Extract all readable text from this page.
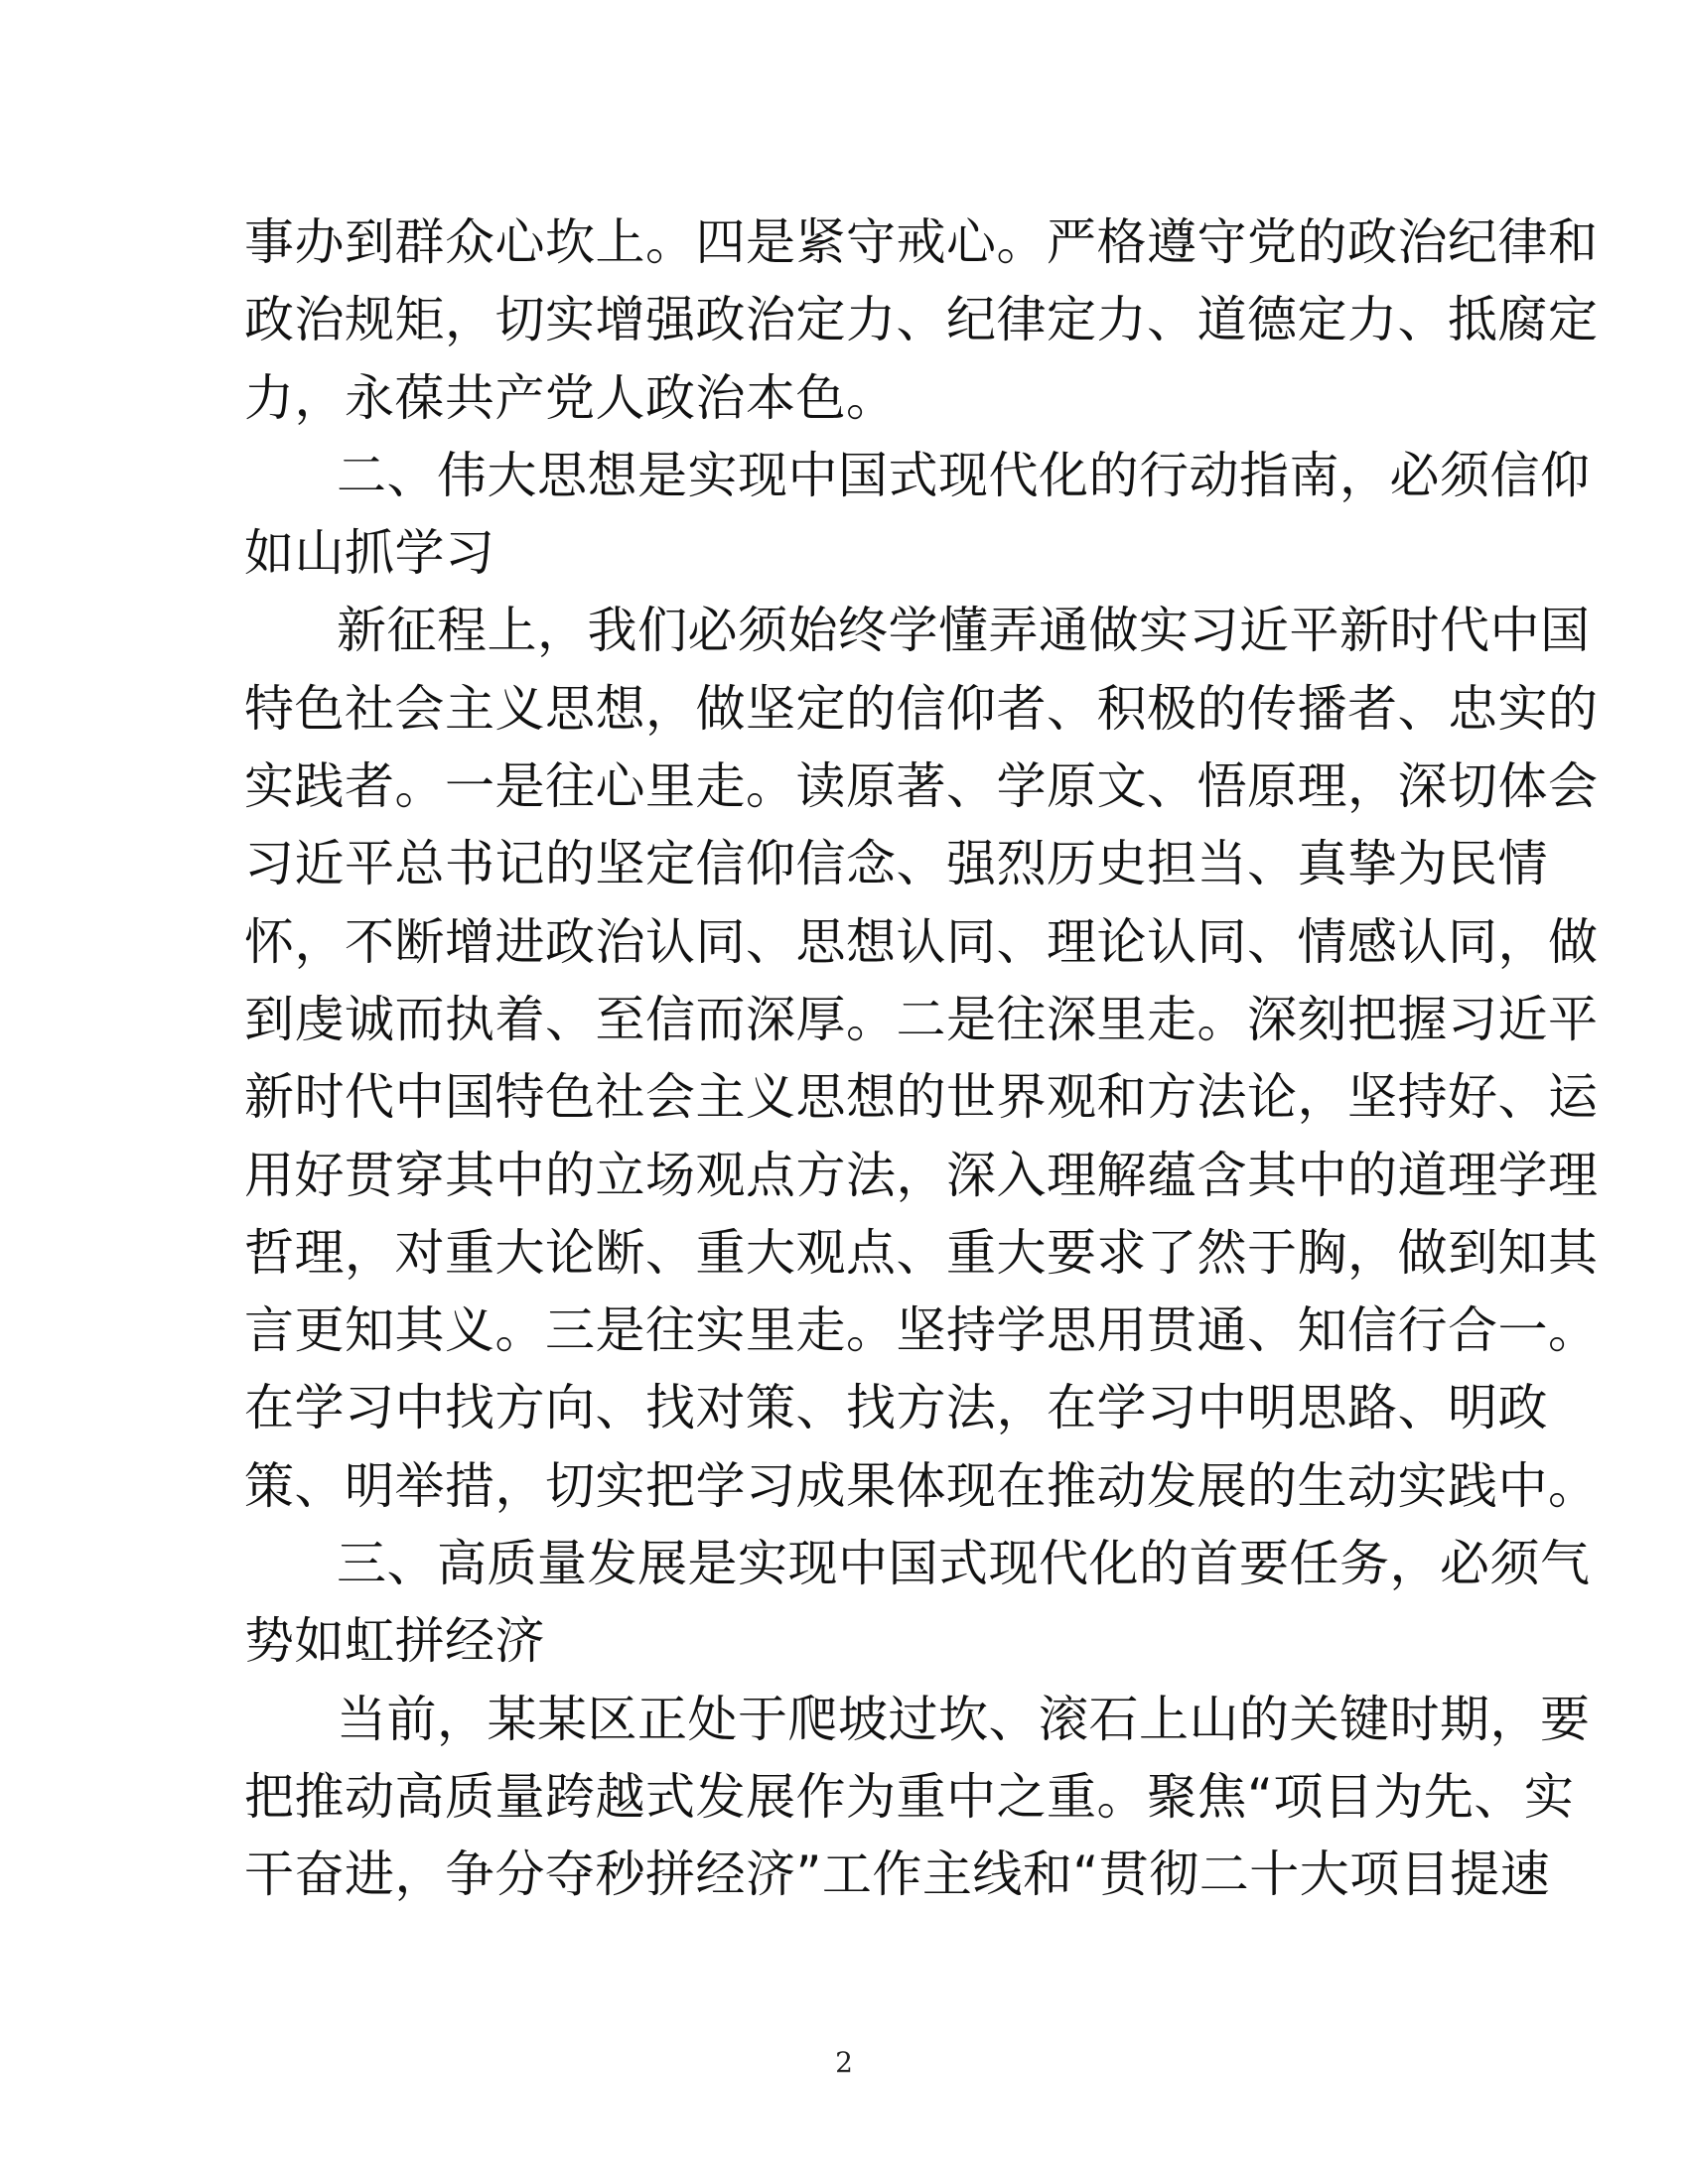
事办到群众心坎上。四是紧守戒心。严格遵守党的政治纪律和
政治规矩，切实增强政治定力、纪律定力、道德定力、抵腐定
力，永葆共产党人政治本色。
二、伟大思想是实现中国式现代化的行动指南，必须信仰
如山抓学习
新征程上，我们必须始终学懂弄通做实习近平新时代中国
特色社会主义思想，做坚定的信仰者、积极的传播者、忠实的
实践者。一是往心里走。读原著、学原文、悟原理，深切体会
习近平总书记的坚定信仰信念、强烈历史担当、真挚为民情
怀，不断增进政治认同、思想认同、理论认同、情感认同，做
到虔诚而执着、至信而深厚。二是往深里走。深刻把握习近平
新时代中国特色社会主义思想的世界观和方法论，坚持好、运
用好贯穿其中的立场观点方法，深入理解蕴含其中的道理学理
哲理，对重大论断、重大观点、重大要求了然于胸，做到知其
言更知其义。三是往实里走。坚持学思用贯通、知信行合一。
在学习中找方向、找对策、找方法，在学习中明思路、明政
策、明举措，切实把学习成果体现在推动发展的生动实践中。
三、高质量发展是实现中国式现代化的首要任务，必须气
势如虹拼经济
当前，某某区正处于爬坡过坎、滚石上山的关键时期，要
把推动高质量跨越式发展作为重中之重。聚焦“项目为先、实
干奋进，争分夺秒拼经济”工作主线和“贯彻二十大项目提速
2
